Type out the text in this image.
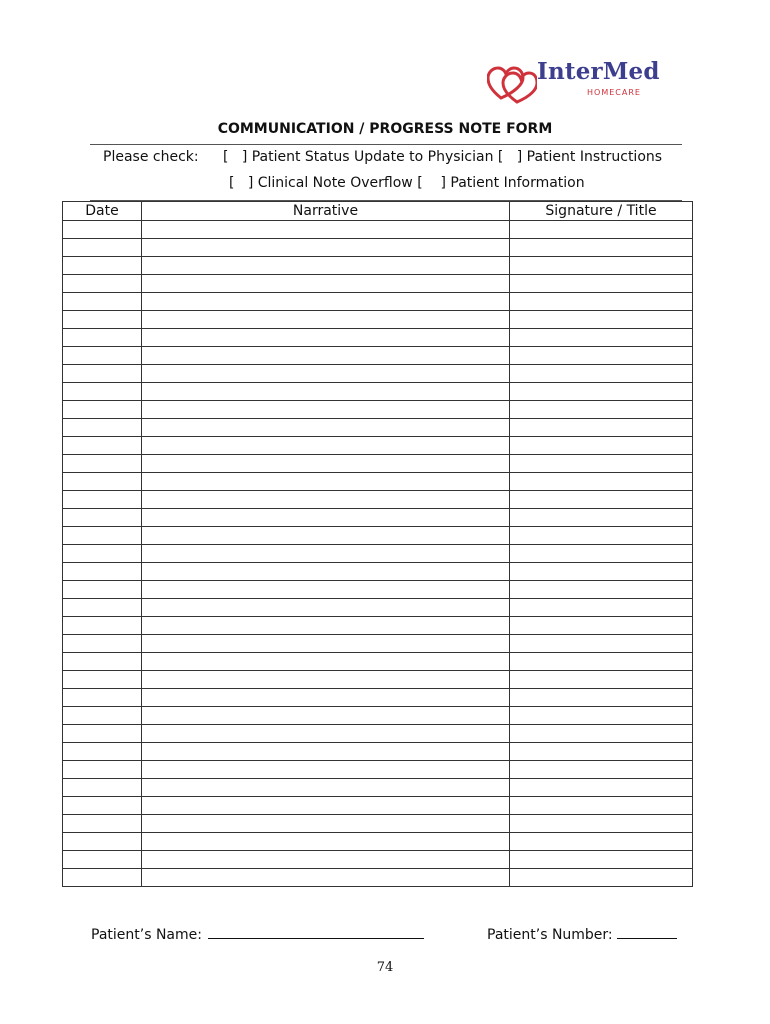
InterMed
HOMECARE
COMMUNICATION / PROGRESS NOTE FORM
Please check: [   ] Patient Status Update to Physician [   ] Patient Instructions
[   ] Clinical Note Overflow [    ] Patient Information
Date	Narrative	Signature / Title

Patient’s Name:	Patient’s Number:
74
